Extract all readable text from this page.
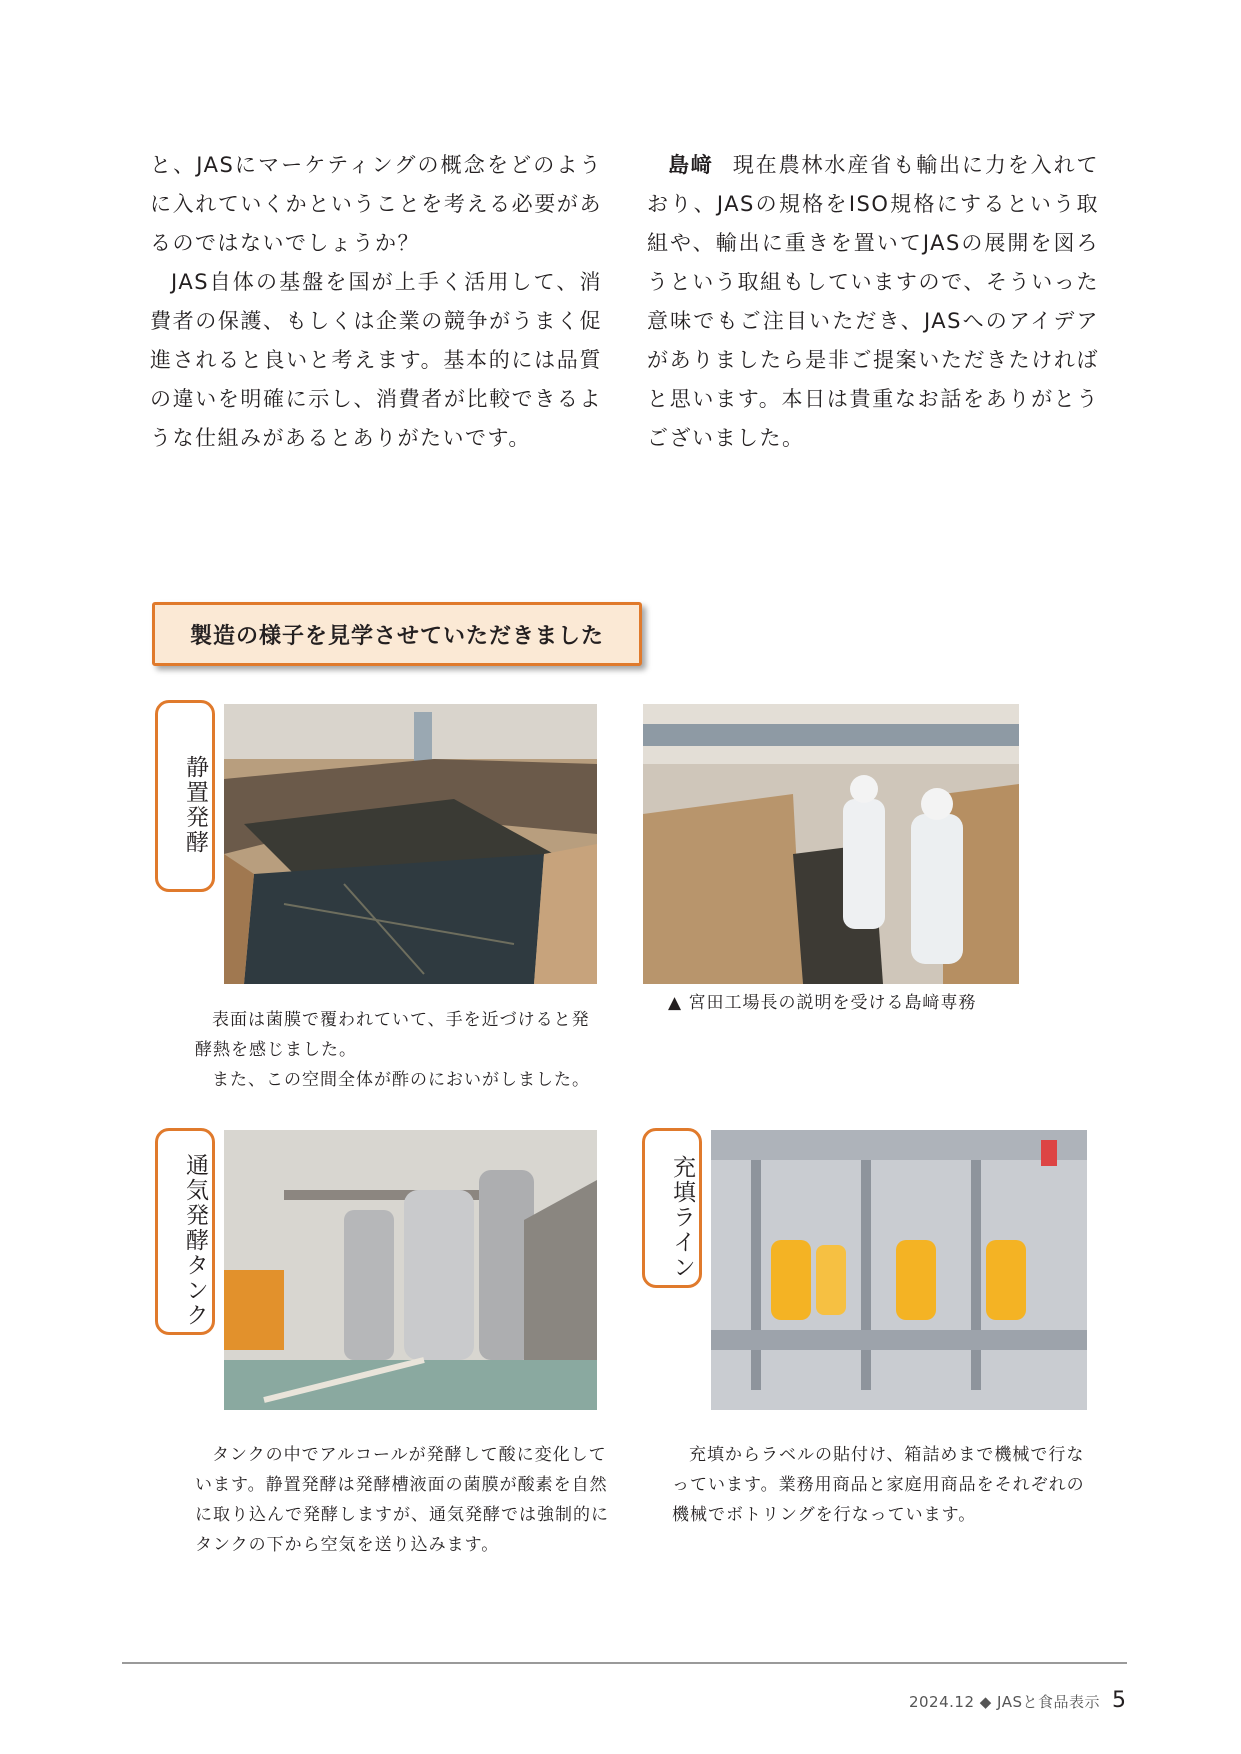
と、JASにマーケティングの概念をどのように入れていくかということを考える必要があるのではないでしょうか？

JAS自体の基盤を国が上手く活用して、消費者の保護、もしくは企業の競争がうまく促進されると良いと考えます。基本的には品質の違いを明確に示し、消費者が比較できるような仕組みがあるとありがたいです。

島﨑 現在農林水産省も輸出に力を入れており、JASの規格をISO規格にするという取組や、輸出に重きを置いてJASの展開を図ろうという取組もしていますので、そういった意味でもご注目いただき、JASへのアイデアがありましたら是非ご提案いただきたければと思います。本日は貴重なお話をありがとうございました。

製造の様子を見学させていただきました
静置発酵

表面は菌膜で覆われていて、手を近づけると発酵熱を感じました。

また、この空間全体が酢のにおいがしました。

▲ 宮田工場長の説明を受ける島﨑専務

通気発酵タンク

タンクの中でアルコールが発酵して酸に変化しています。静置発酵は発酵槽液面の菌膜が酸素を自然に取り込んで発酵しますが、通気発酵では強制的にタンクの下から空気を送り込みます。

充填ライン

充填からラベルの貼付け、箱詰めまで機械で行なっています。業務用商品と家庭用商品をそれぞれの機械でボトリングを行なっています。

2024.12 ◆ JASと食品表示 5
